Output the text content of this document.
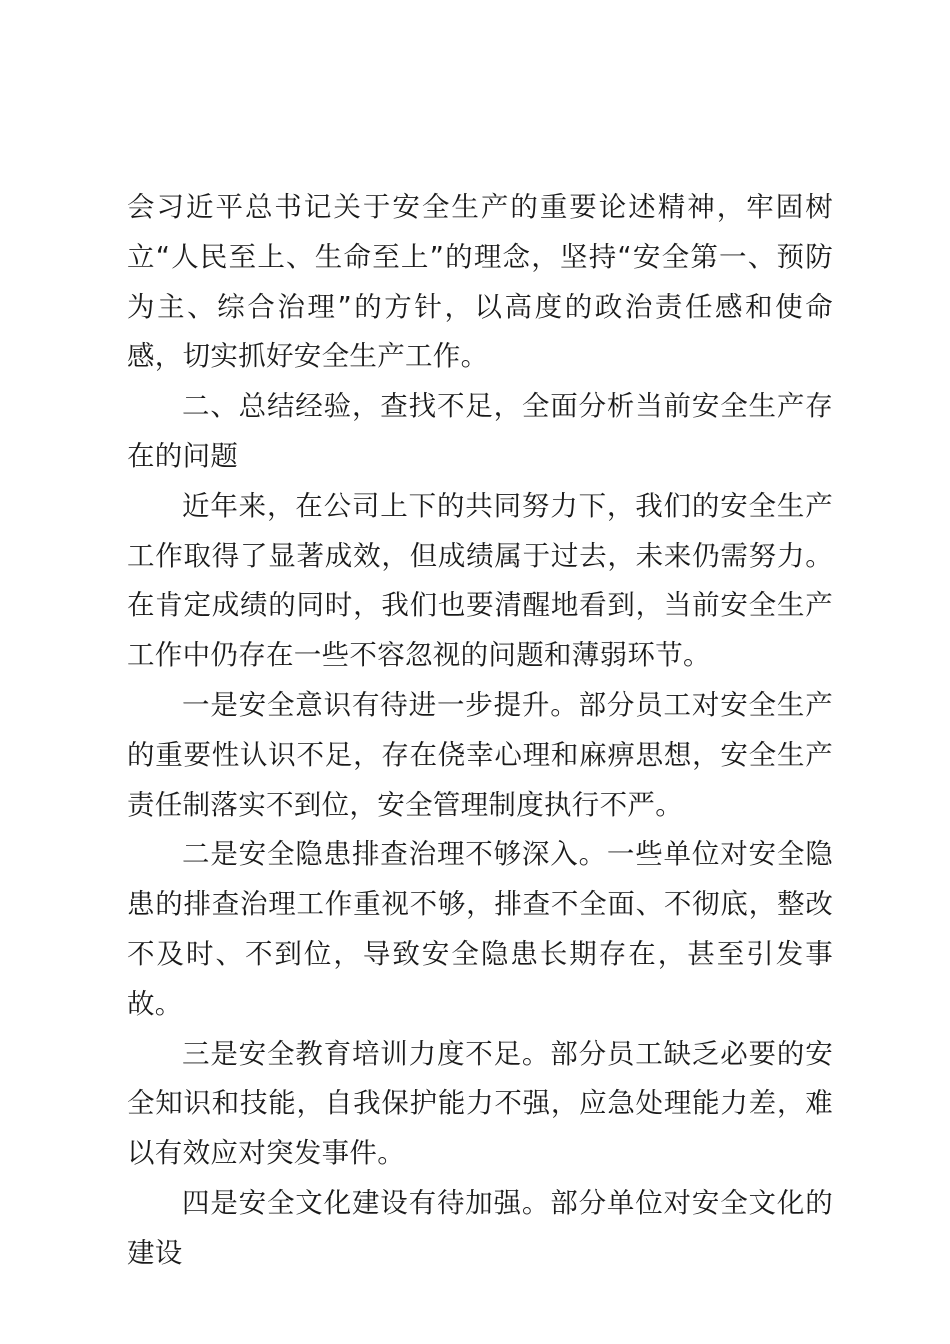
会习近平总书记关于安全生产的重要论述精神，牢固树立“人民至上、生命至上”的理念，坚持“安全第一、预防为主、综合治理”的方针，以高度的政治责任感和使命感，切实抓好安全生产工作。

二、总结经验，查找不足，全面分析当前安全生产存在的问题

近年来，在公司上下的共同努力下，我们的安全生产工作取得了显著成效，但成绩属于过去，未来仍需努力。在肯定成绩的同时，我们也要清醒地看到，当前安全生产工作中仍存在一些不容忽视的问题和薄弱环节。

一是安全意识有待进一步提升。部分员工对安全生产的重要性认识不足，存在侥幸心理和麻痹思想，安全生产责任制落实不到位，安全管理制度执行不严。

二是安全隐患排查治理不够深入。一些单位对安全隐患的排查治理工作重视不够，排查不全面、不彻底，整改不及时、不到位，导致安全隐患长期存在，甚至引发事故。

三是安全教育培训力度不足。部分员工缺乏必要的安全知识和技能，自我保护能力不强，应急处理能力差，难以有效应对突发事件。

四是安全文化建设有待加强。部分单位对安全文化的建设
